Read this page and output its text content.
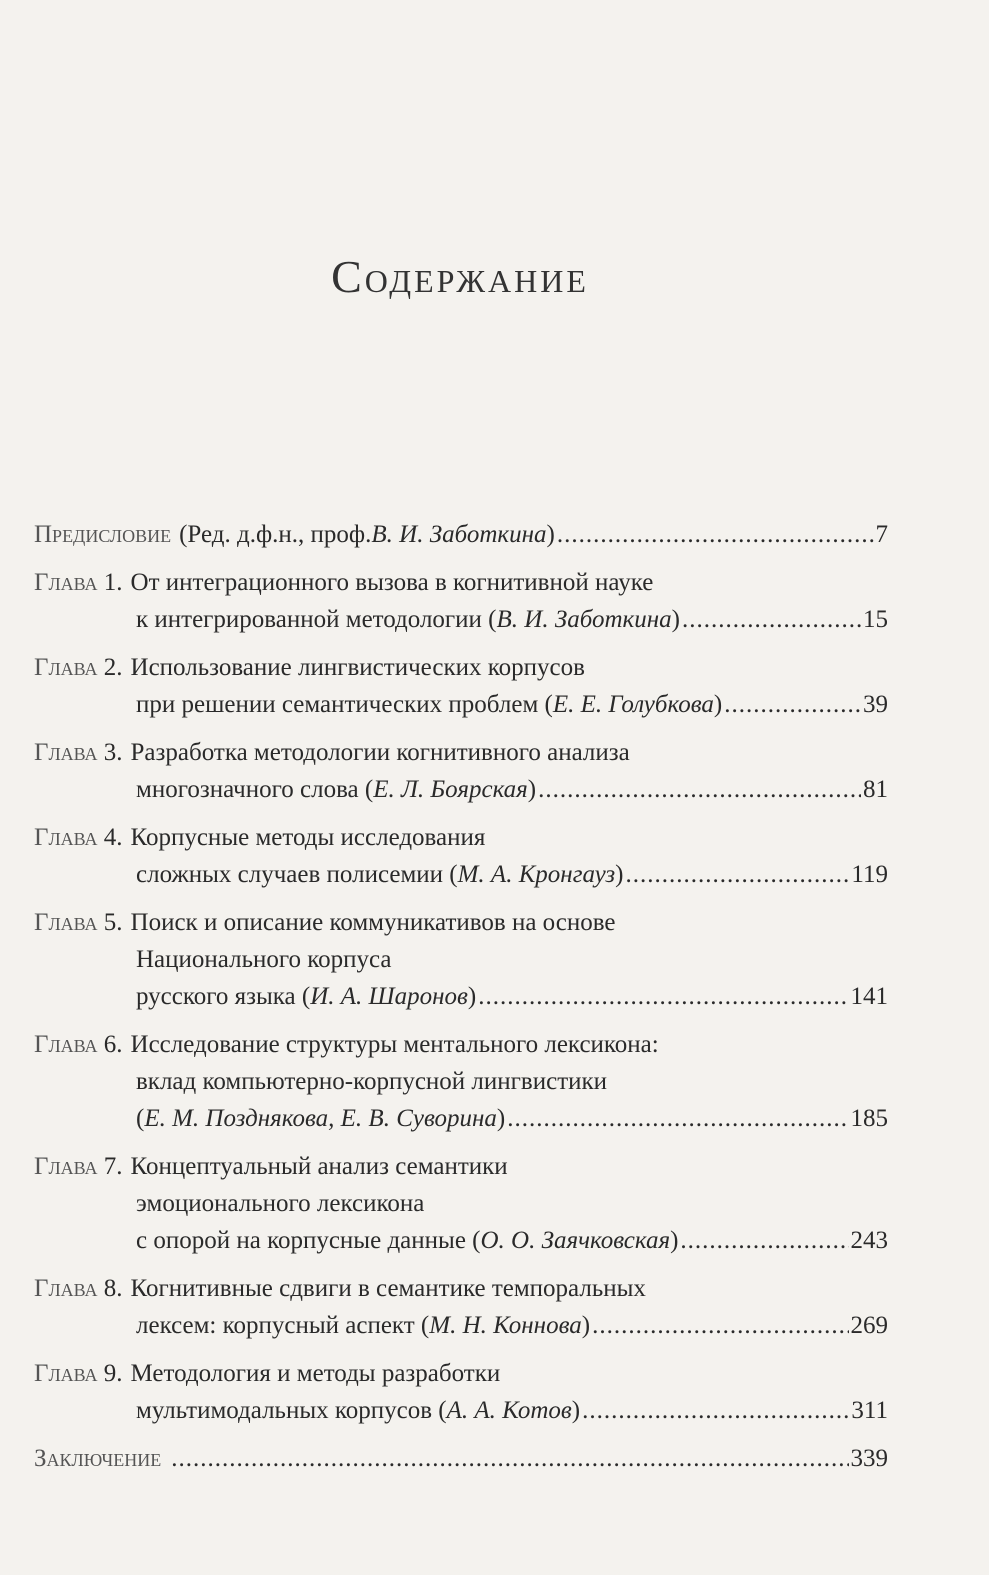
Содержание
Предисловие (Ред. д.ф.н., проф. В. И. Заботкина ) .....	7
Глава 1. От интеграционного вызова в когнитивной науке
к интегрированной методологии ( В. И. Заботкина ) .....	15
Глава 2. Использование лингвистических корпусов
при решении семантических проблем ( Е. Е. Голубкова ) .....	39
Глава 3. Разработка методологии когнитивного анализа
многозначного слова ( Е. Л. Боярская ) .....	81
Глава 4. Корпусные методы исследования
сложных случаев полисемии ( М. А. Кронгауз ) .....	119
Глава 5. Поиск и описание коммуникативов на основе
Национального корпуса
русского языка ( И. А. Шаронов ) .....	141
Глава 6. Исследование структуры ментального лексикона:
вклад компьютерно-корпусной лингвистики
( Е. М. Позднякова, Е. В. Суворина ) .....	185
Глава 7. Концептуальный анализ семантики
эмоционального лексикона
с опорой на корпусные данные ( О. О. Заячковская ) .....	243
Глава 8. Когнитивные сдвиги в семантике темпоральных
лексем: корпусный аспект ( М. Н. Коннова ) .....	269
Глава 9. Методология и методы разработки
мультимодальных корпусов ( А. А. Котов ) .....	311
Заключение .....	339
